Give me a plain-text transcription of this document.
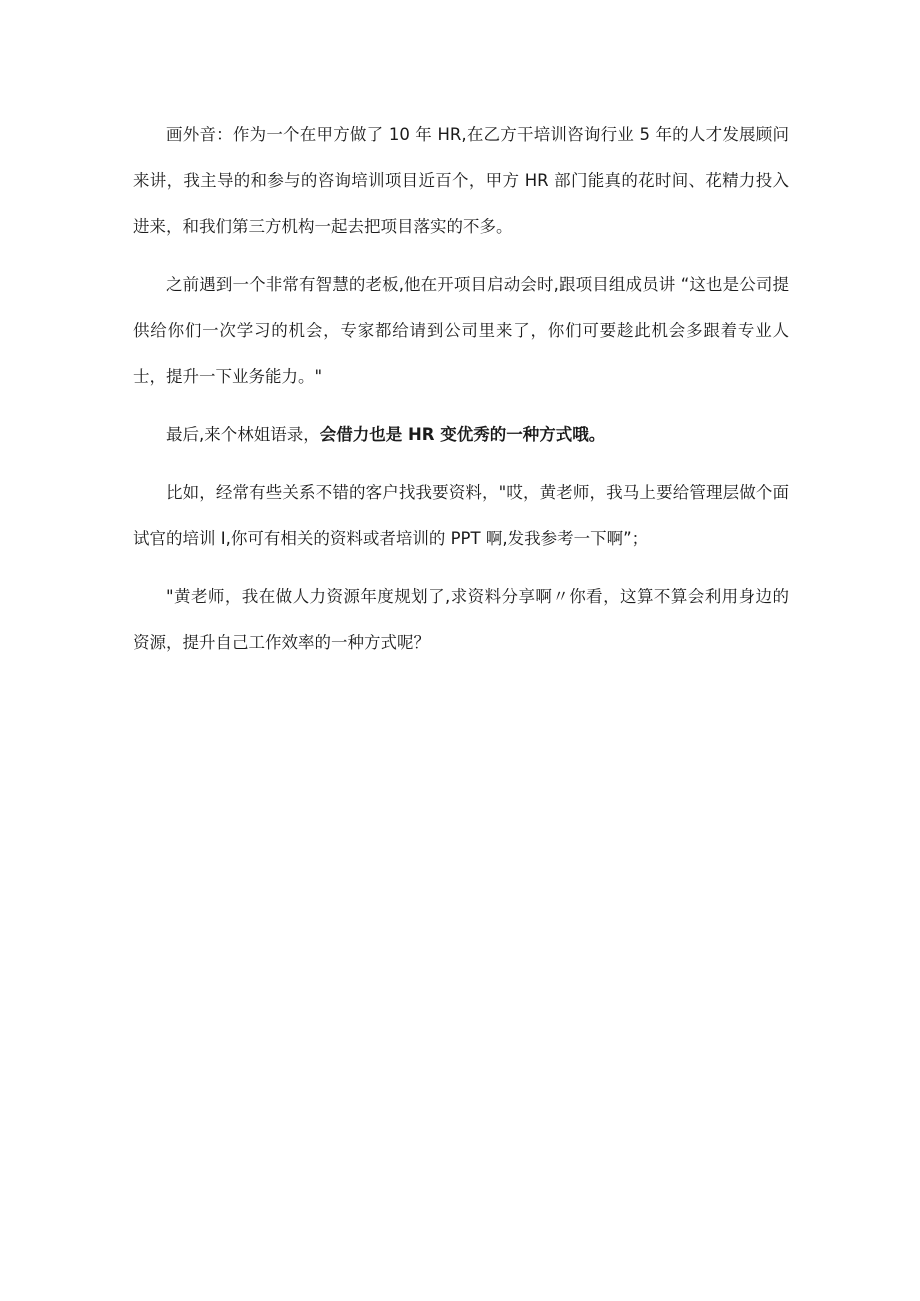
画外音：作为一个在甲方做了 10 年 HR,在乙方干培训咨询行业 5 年的人才发展顾问来讲，我主导的和参与的咨询培训项目近百个，甲方 HR 部门能真的花时间、花精力投入进来，和我们第三方机构一起去把项目落实的不多。

之前遇到一个非常有智慧的老板,他在开项目启动会时,跟项目组成员讲 “这也是公司提供给你们一次学习的机会，专家都给请到公司里来了，你们可要趁此机会多跟着专业人士，提升一下业务能力。"

最后,来个林姐语录，会借力也是 HR 变优秀的一种方式哦。

比如，经常有些关系不错的客户找我要资料，"哎，黄老师，我马上要给管理层做个面试官的培训 I,你可有相关的资料或者培训的 PPT 啊,发我参考一下啊”；

"黄老师，我在做人力资源年度规划了,求资料分享啊〃你看，这算不算会利用身边的资源，提升自己工作效率的一种方式呢？
